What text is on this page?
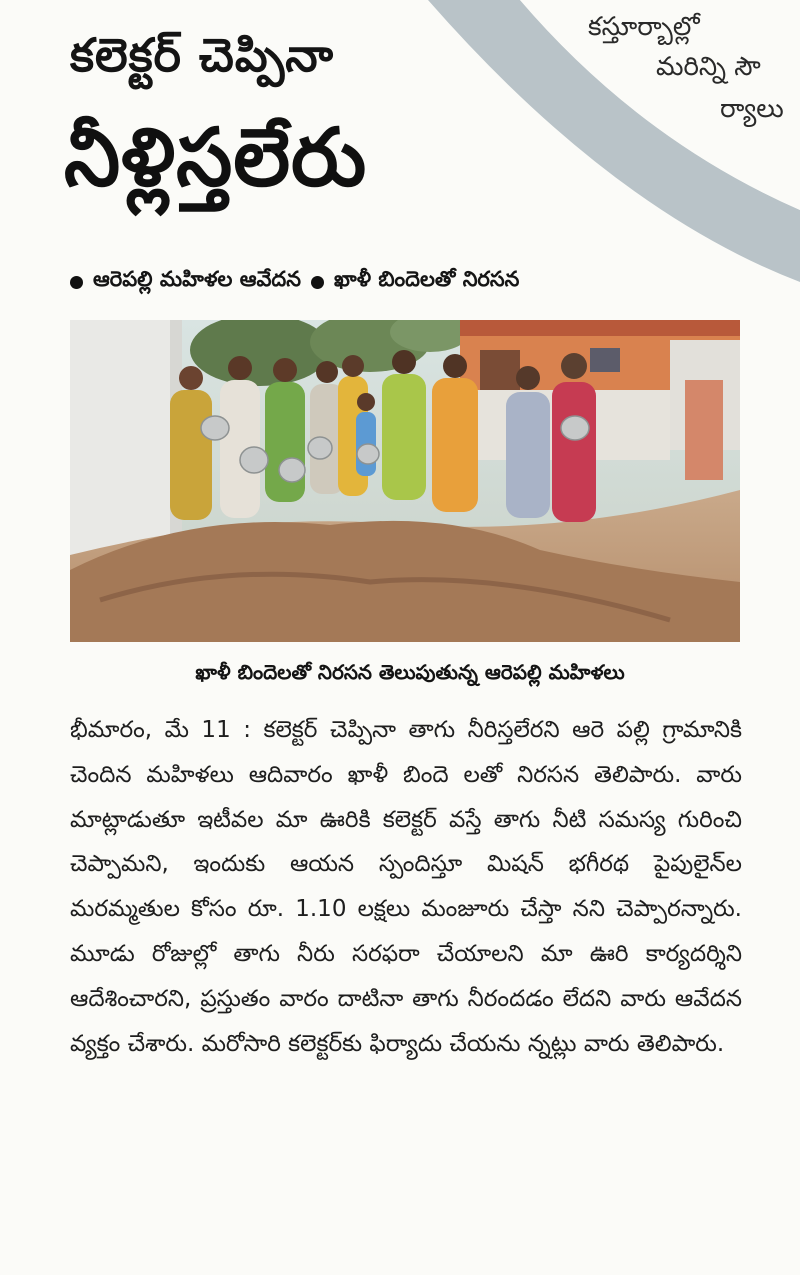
కస్తూర్బాల్లో
మరిన్ని సౌ
ర్యాలు
కలెక్టర్ చెప్పినా
నీళ్లిస్తలేరు
ఆరెపల్లి మహిళల ఆవేదన ఖాళీ బిందెలతో నిరసన
ఖాళీ బిందెలతో నిరసన తెలుపుతున్న ఆరెపల్లి మహిళలు
భీమారం, మే 11 : కలెక్టర్ చెప్పినా తాగు నీరిస్తలేరని ఆరె పల్లి గ్రామానికి చెందిన మహిళలు ఆదివారం ఖాళీ బిందె లతో నిరసన తెలిపారు. వారు మాట్లాడుతూ ఇటీవల మా ఊరికి కలెక్టర్ వస్తే తాగు నీటి సమస్య గురించి చెప్పామని, ఇందుకు ఆయన స్పందిస్తూ మిషన్ భగీరథ పైపులైన్‌ల మరమ్మతుల కోసం రూ. 1.10 లక్షలు మంజూరు చేస్తా నని చెప్పారన్నారు. మూడు రోజుల్లో తాగు నీరు సరఫరా చేయాలని మా ఊరి కార్యదర్శిని ఆదేశించారని, ప్రస్తుతం వారం దాటినా తాగు నీరందడం లేదని వారు ఆవేదన వ్యక్తం చేశారు. మరోసారి కలెక్టర్‌కు ఫిర్యాదు చేయను న్నట్లు వారు తెలిపారు.
